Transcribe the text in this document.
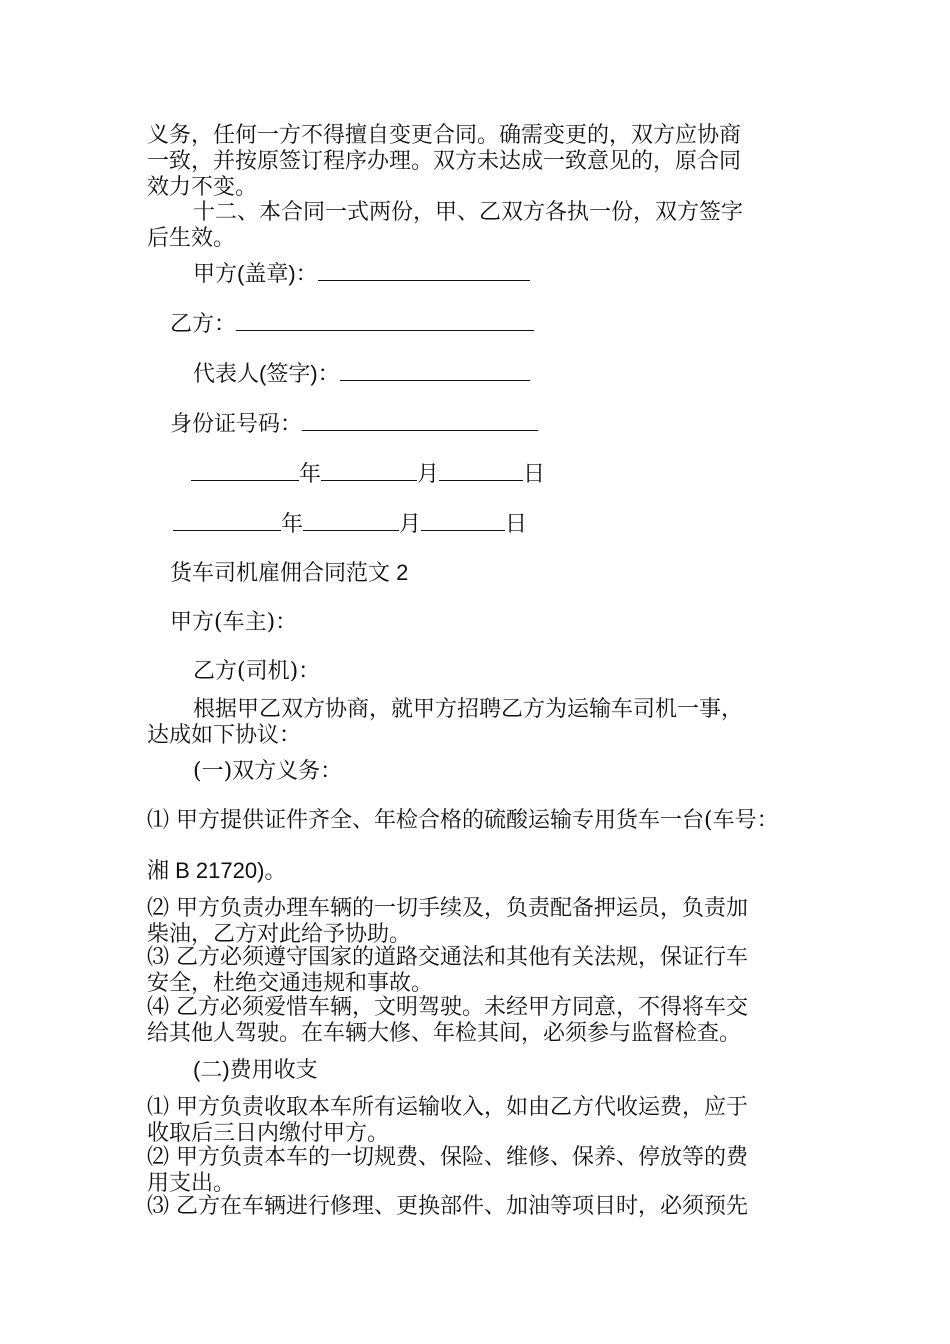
义务，任何一方不得擅自变更合同。确需变更的，双方应协商
一致，并按原签订程序办理。双方未达成一致意见的，原合同
效力不变。
十二、本合同一式两份，甲、乙双方各执一份，双方签字
后生效。
甲方(盖章)：
乙方：
代表人(签字)：
身份证号码：
年	月	日
年	月	日
货车司机雇佣合同范文 2
甲方(车主)：
乙方(司机)：
根据甲乙双方协商，就甲方招聘乙方为运输车司机一事，
达成如下协议：
(一)双方义务：
⑴ 甲方提供证件齐全、年检合格的硫酸运输专用货车一台(车号：
湘 B 21720)。
⑵ 甲方负责办理车辆的一切手续及，负责配备押运员，负责加
柴油，乙方对此给予协助。
⑶ 乙方必须遵守国家的道路交通法和其他有关法规，保证行车
安全，杜绝交通违规和事故。
⑷ 乙方必须爱惜车辆，文明驾驶。未经甲方同意，不得将车交
给其他人驾驶。在车辆大修、年检其间，必须参与监督检查。
(二)费用收支
⑴ 甲方负责收取本车所有运输收入，如由乙方代收运费，应于
收取后三日内缴付甲方。
⑵ 甲方负责本车的一切规费、保险、维修、保养、停放等的费
用支出。
⑶ 乙方在车辆进行修理、更换部件、加油等项目时，必须预先
